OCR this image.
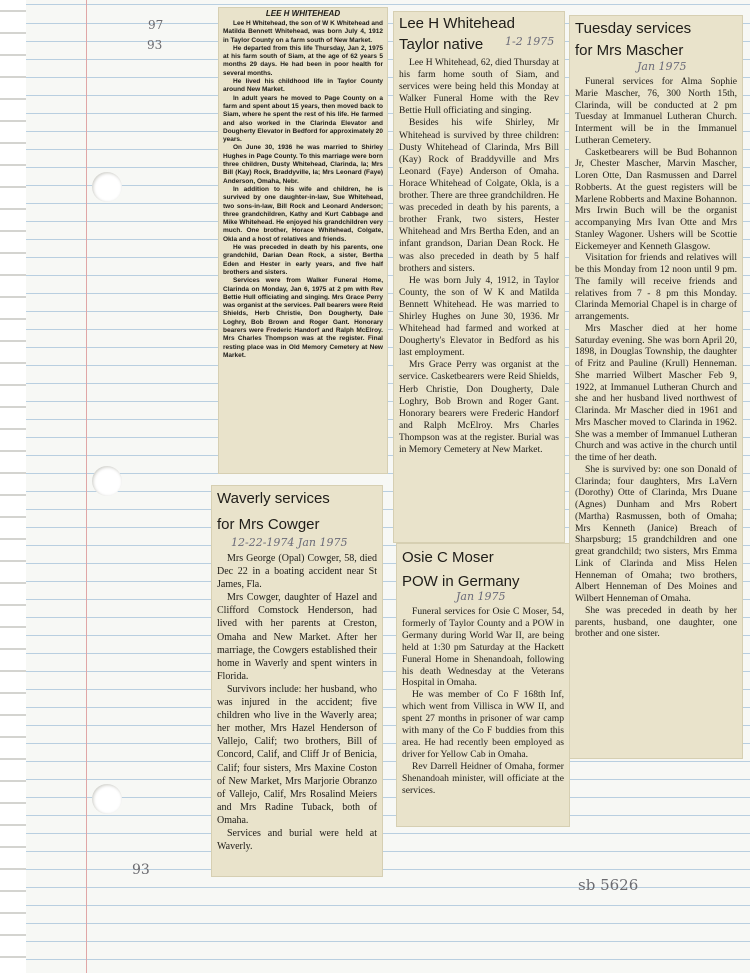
97
93
93
sb 5626
LEE H WHITEHEAD

Lee H Whitehead, the son of W K Whitehead and Matilda Bennett Whitehead, was born July 4, 1912 in Taylor County on a farm south of New Market.

He departed from this life Thursday, Jan 2, 1975 at his farm south of Siam, at the age of 62 years 5 months 29 days. He had been in poor health for several months.

He lived his childhood life in Taylor County around New Market.

In adult years he moved to Page County on a farm and spent about 15 years, then moved back to Siam, where he spent the rest of his life. He farmed and also worked in the Clarinda Elevator and Dougherty Elevator in Bedford for approximately 20 years.

On June 30, 1936 he was married to Shirley Hughes in Page County. To this marriage were born three children, Dusty Whitehead, Clarinda, Ia; Mrs Bill (Kay) Rock, Braddyville, Ia; Mrs Leonard (Faye) Anderson, Omaha, Nebr.

In addition to his wife and children, he is survived by one daughter-in-law, Sue Whitehead, two sons-in-law, Bill Rock and Leonard Anderson; three grandchildren, Kathy and Kurt Cabbage and Mike Whitehead. He enjoyed his grandchildren very much. One brother, Horace Whitehead, Colgate, Okla and a host of relatives and friends.

He was preceded in death by his parents, one grandchild, Darian Dean Rock, a sister, Bertha Eden and Hester in early years, and five half brothers and sisters.

Services were from Walker Funeral Home, Clarinda on Monday, Jan 6, 1975 at 2 pm with Rev Bettie Hull officiating and singing. Mrs Grace Perry was organist at the services. Pall bearers were Reid Shields, Herb Christie, Don Dougherty, Dale Loghry, Bob Brown and Roger Gant. Honorary bearers were Frederic Handorf and Ralph McElroy. Mrs Charles Thompson was at the register. Final resting place was in Old Memory Cemetery at New Market.

Lee H Whitehead
Taylor native	1-2 1975

Lee H Whitehead, 62, died Thursday at his farm home south of Siam, and services were being held this Monday at Walker Funeral Home with the Rev Bettie Hull officiating and singing.

Besides his wife Shirley, Mr Whitehead is survived by three children: Dusty Whitehead of Clarinda, Mrs Bill (Kay) Rock of Braddyville and Mrs Leonard (Faye) Anderson of Omaha. Horace Whitehead of Colgate, Okla, is a brother. There are three grandchildren. He was preceded in death by his parents, a brother Frank, two sisters, Hester Whitehead and Mrs Bertha Eden, and an infant grandson, Darian Dean Rock. He was also preceded in death by 5 half brothers and sisters.

He was born July 4, 1912, in Taylor County, the son of W K and Matilda Bennett Whitehead. He was married to Shirley Hughes on June 30, 1936. Mr Whitehead had farmed and worked at Dougherty's Elevator in Bedford as his last employment.

Mrs Grace Perry was organist at the service. Casketbearers were Reid Shields, Herb Christie, Don Dougherty, Dale Loghry, Bob Brown and Roger Gant. Honorary bearers were Frederic Handorf and Ralph McElroy. Mrs Charles Thompson was at the register. Burial was in Memory Cemetery at New Market.

Tuesday services
for Mrs Mascher
Jan 1975

Funeral services for Alma Sophie Marie Mascher, 76, 300 North 15th, Clarinda, will be conducted at 2 pm Tuesday at Immanuel Lutheran Church. Interment will be in the Immanuel Lutheran Cemetery.

Casketbearers will be Bud Bohannon Jr, Chester Mascher, Marvin Mascher, Loren Otte, Dan Rasmussen and Darrel Robberts. At the guest registers will be Marlene Robberts and Maxine Bohannon. Mrs Irwin Buch will be the organist accompanying Mrs Ivan Otte and Mrs Stanley Wagoner. Ushers will be Scottie Eickemeyer and Kenneth Glasgow.

Visitation for friends and relatives will be this Monday from 12 noon until 9 pm. The family will receive friends and relatives from 7 - 8 pm this Monday. Clarinda Memorial Chapel is in charge of arrangements.

Mrs Mascher died at her home Saturday evening. She was born April 20, 1898, in Douglas Township, the daughter of Fritz and Pauline (Krull) Henneman. She married Wilbert Mascher Feb 9, 1922, at Immanuel Lutheran Church and she and her husband lived northwest of Clarinda. Mr Mascher died in 1961 and Mrs Mascher moved to Clarinda in 1962. She was a member of Immanuel Lutheran Church and was active in the church until the time of her death.

She is survived by: one son Donald of Clarinda; four daughters, Mrs LaVern (Dorothy) Otte of Clarinda, Mrs Duane (Agnes) Dunham and Mrs Robert (Martha) Rasmussen, both of Omaha; Mrs Kenneth (Janice) Breach of Sharpsburg; 15 grandchildren and one great grandchild; two sisters, Mrs Emma Link of Clarinda and Miss Helen Henneman of Omaha; two brothers, Albert Henneman of Des Moines and Wilbert Henneman of Omaha.

She was preceded in death by her parents, husband, one daughter, one brother and one sister.

Waverly services
for Mrs Cowger
12-22-1974 Jan 1975

Mrs George (Opal) Cowger, 58, died Dec 22 in a boating accident near St James, Fla.

Mrs Cowger, daughter of Hazel and Clifford Comstock Henderson, had lived with her parents at Creston, Omaha and New Market. After her marriage, the Cowgers established their home in Waverly and spent winters in Florida.

Survivors include: her husband, who was injured in the accident; five children who live in the Waverly area; her mother, Mrs Hazel Henderson of Vallejo, Calif; two brothers, Bill of Concord, Calif, and Cliff Jr of Benicia, Calif; four sisters, Mrs Maxine Coston of New Market, Mrs Marjorie Obranzo of Vallejo, Calif, Mrs Rosalind Meiers and Mrs Radine Tuback, both of Omaha.

Services and burial were held at Waverly.

Osie C Moser
POW in Germany
Jan 1975

Funeral services for Osie C Moser, 54, formerly of Taylor County and a POW in Germany during World War II, are being held at 1:30 pm Saturday at the Hackett Funeral Home in Shenandoah, following his death Wednesday at the Veterans Hospital in Omaha.

He was member of Co F 168th Inf, which went from Villisca in WW II, and spent 27 months in prisoner of war camp with many of the Co F buddies from this area. He had recently been employed as driver for Yellow Cab in Omaha.

Rev Darrell Heidner of Omaha, former Shenandoah minister, will officiate at the services.
